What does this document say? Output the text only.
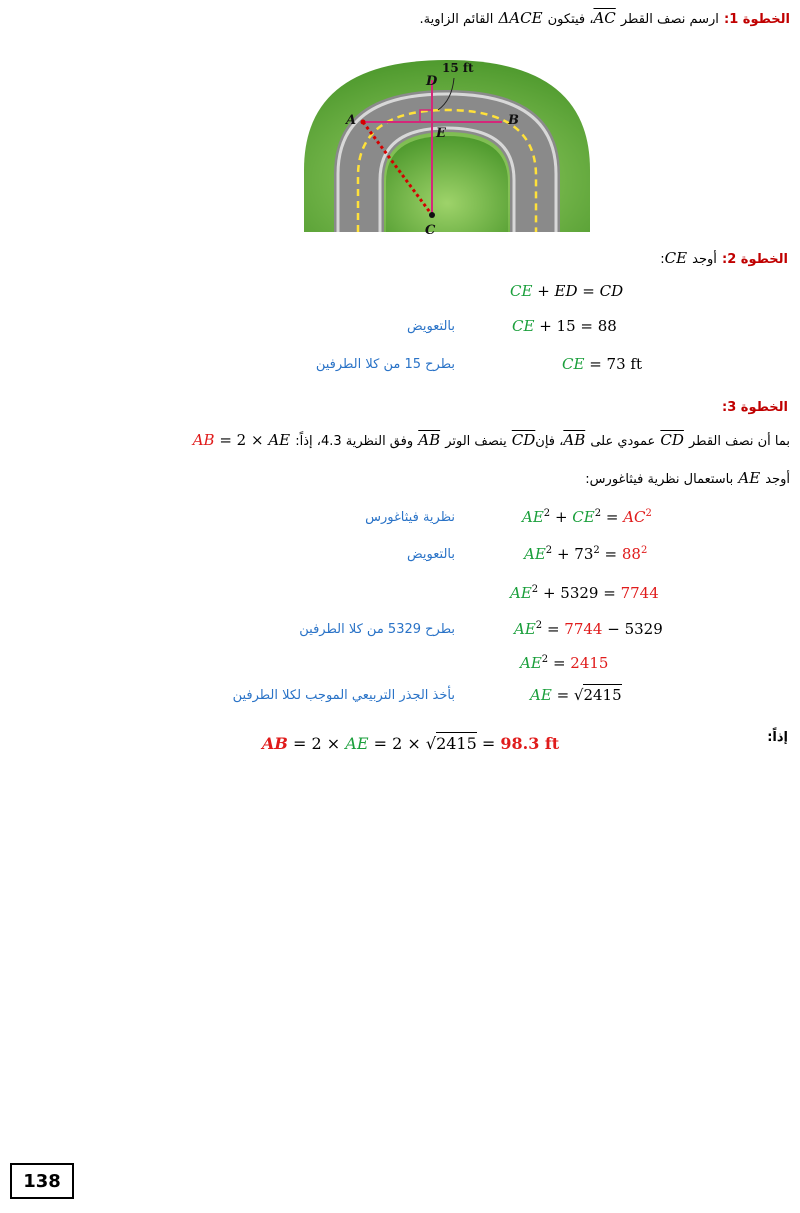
الخطوة 1: ارسم نصف القطر AC، فيتكون ΔACE القائم الزاوية.
A	B
D
E
C
15 ft
الخطوة 2: أوجد CE:
CE + ED = CD
CE + 15 = 88
بالتعويض
CE = 73 ft
بطرح 15 من كلا الطرفين
الخطوة 3:
بما أن نصف القطر CD عمودي على AB، فإنCD ينصف الوتر AB وفق النظرية 4.3، إذاً: AB = 2 × AE
أوجد AE باستعمال نظرية فيثاغورس:
$AE^2 + CE^2 = AC^2$
نظرية فيثاغورس
$AE^2 + 73^2 = 88^2$
بالتعويض
$AE^2 + 5329 = 7744$
$AE^2 = 7744 - 5329$
بطرح 5329 من كلا الطرفين
$AE^2 = 2415$
AE = √2415
بأخذ الجذر التربيعي الموجب لكلا الطرفين
إذاً:
AB = 2 × AE = 2 × √2415 = 98.3 ft
138
